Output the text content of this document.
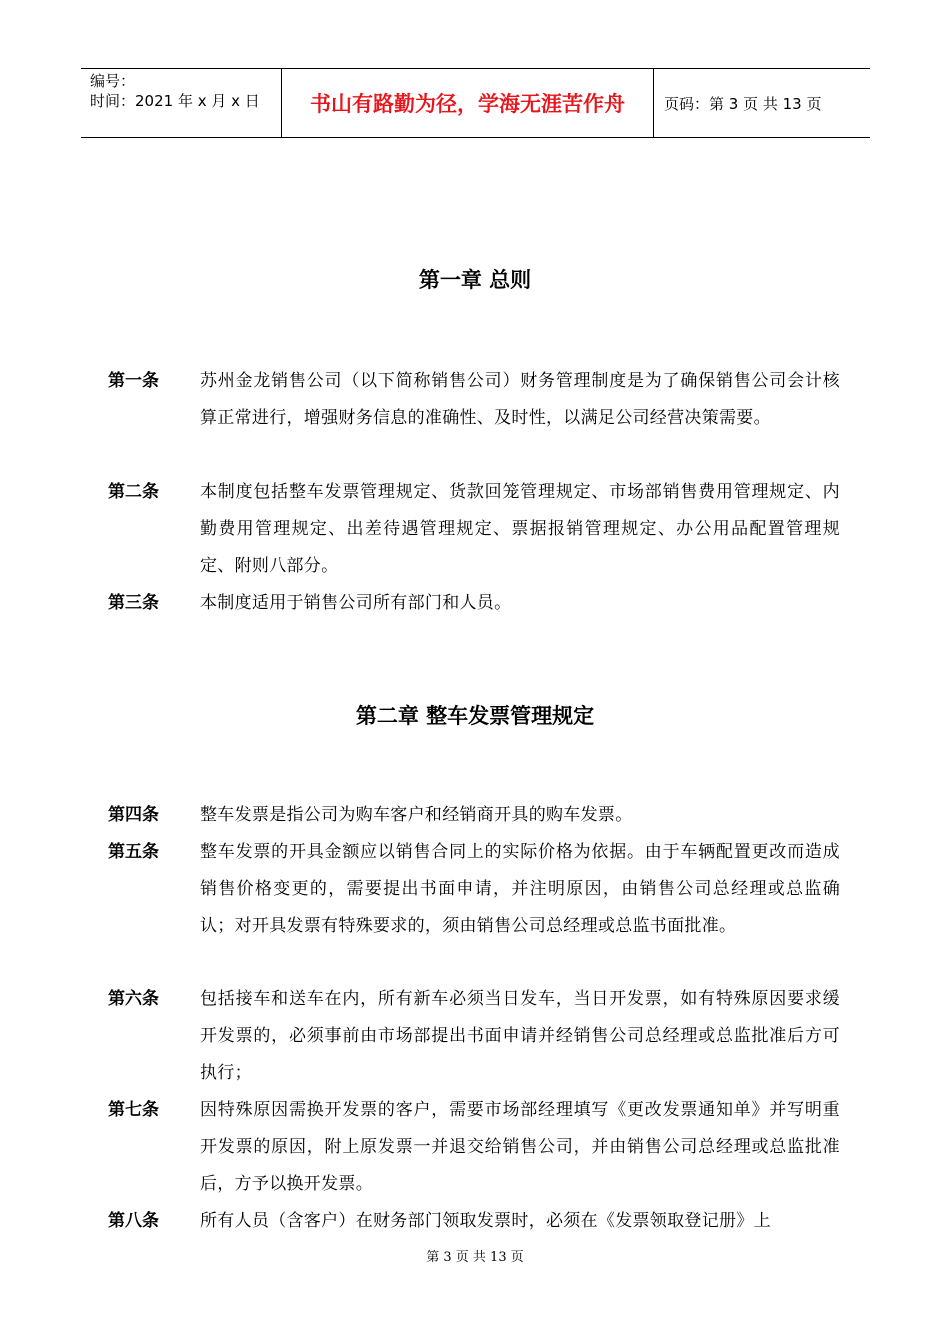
编号：
时间：2021 年 x 月 x 日	书山有路勤为径，学海无涯苦作舟	页码：第 3 页 共 13 页
第一章 总则
第一条 苏州金龙销售公司（以下简称销售公司）财务管理制度是为了确保销售公司会计核算正常进行，增强财务信息的准确性、及时性，以满足公司经营决策需要。
第二条 本制度包括整车发票管理规定、货款回笼管理规定、市场部销售费用管理规定、内勤费用管理规定、出差待遇管理规定、票据报销管理规定、办公用品配置管理规定、附则八部分。
第三条 本制度适用于销售公司所有部门和人员。
第二章 整车发票管理规定
第四条 整车发票是指公司为购车客户和经销商开具的购车发票。
第五条 整车发票的开具金额应以销售合同上的实际价格为依据。由于车辆配置更改而造成销售价格变更的，需要提出书面申请，并注明原因，由销售公司总经理或总监确认；对开具发票有特殊要求的，须由销售公司总经理或总监书面批准。
第六条 包括接车和送车在内，所有新车必须当日发车，当日开发票，如有特殊原因要求缓开发票的，必须事前由市场部提出书面申请并经销售公司总经理或总监批准后方可执行；
第七条 因特殊原因需换开发票的客户，需要市场部经理填写《更改发票通知单》并写明重开发票的原因，附上原发票一并退交给销售公司，并由销售公司总经理或总监批准后，方予以换开发票。
第八条 所有人员（含客户）在财务部门领取发票时，必须在《发票领取登记册》上
第 3 页 共 13 页
